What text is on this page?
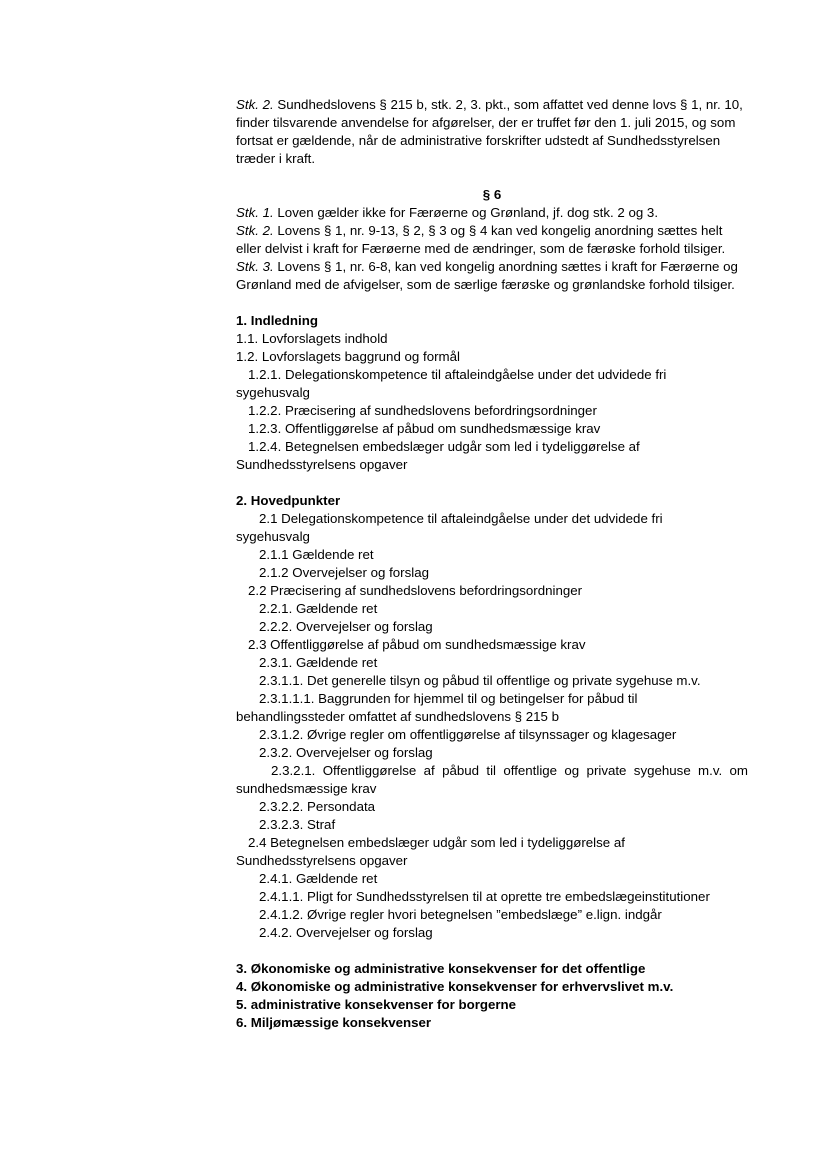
Stk. 2. Sundhedslovens § 215 b, stk. 2, 3. pkt., som affattet ved denne lovs § 1, nr. 10, finder tilsvarende anvendelse for afgørelser, der er truffet før den 1. juli 2015, og som fortsat er gældende, når de administrative forskrifter udstedt af Sundhedsstyrelsen træder i kraft.

§ 6

Stk. 1. Loven gælder ikke for Færøerne og Grønland, jf. dog stk. 2 og 3.

Stk. 2. Lovens § 1, nr. 9-13, § 2, § 3 og § 4 kan ved kongelig anordning sættes helt eller delvist i kraft for Færøerne med de ændringer, som de færøske forhold tilsiger.

Stk. 3. Lovens § 1, nr. 6-8, kan ved kongelig anordning sættes i kraft for Færøerne og Grønland med de afvigelser, som de særlige færøske og grønlandske forhold tilsiger.

1. Indledning

1.1. Lovforslagets indhold

1.2. Lovforslagets baggrund og formål

1.2.1. Delegationskompetence til aftaleindgåelse under det udvidede fri

sygehusvalg

1.2.2. Præcisering af sundhedslovens befordringsordninger

1.2.3. Offentliggørelse af påbud om sundhedsmæssige krav

1.2.4. Betegnelsen embedslæger udgår som led i tydeliggørelse af

Sundhedsstyrelsens opgaver

2. Hovedpunkter

2.1 Delegationskompetence til aftaleindgåelse under det udvidede fri

sygehusvalg

2.1.1 Gældende ret

2.1.2 Overvejelser og forslag

2.2 Præcisering af sundhedslovens befordringsordninger

2.2.1. Gældende ret

2.2.2. Overvejelser og forslag

2.3 Offentliggørelse af påbud om sundhedsmæssige krav

2.3.1. Gældende ret

2.3.1.1. Det generelle tilsyn og påbud til offentlige og private sygehuse m.v.

2.3.1.1.1. Baggrunden for hjemmel til og betingelser for påbud til

behandlingssteder omfattet af sundhedslovens § 215 b

2.3.1.2. Øvrige regler om offentliggørelse af tilsynssager og klagesager

2.3.2. Overvejelser og forslag

2.3.2.1. Offentliggørelse af påbud til offentlige og private sygehuse m.v. om

sundhedsmæssige krav

2.3.2.2. Persondata

2.3.2.3. Straf

2.4 Betegnelsen embedslæger udgår som led i tydeliggørelse af

Sundhedsstyrelsens opgaver

2.4.1. Gældende ret

2.4.1.1. Pligt for Sundhedsstyrelsen til at oprette tre embedslægeinstitutioner

2.4.1.2. Øvrige regler hvori betegnelsen ”embedslæge” e.lign. indgår

2.4.2. Overvejelser og forslag

3. Økonomiske og administrative konsekvenser for det offentlige

4. Økonomiske og administrative konsekvenser for erhvervslivet m.v.

5. administrative konsekvenser for borgerne

6. Miljømæssige konsekvenser
